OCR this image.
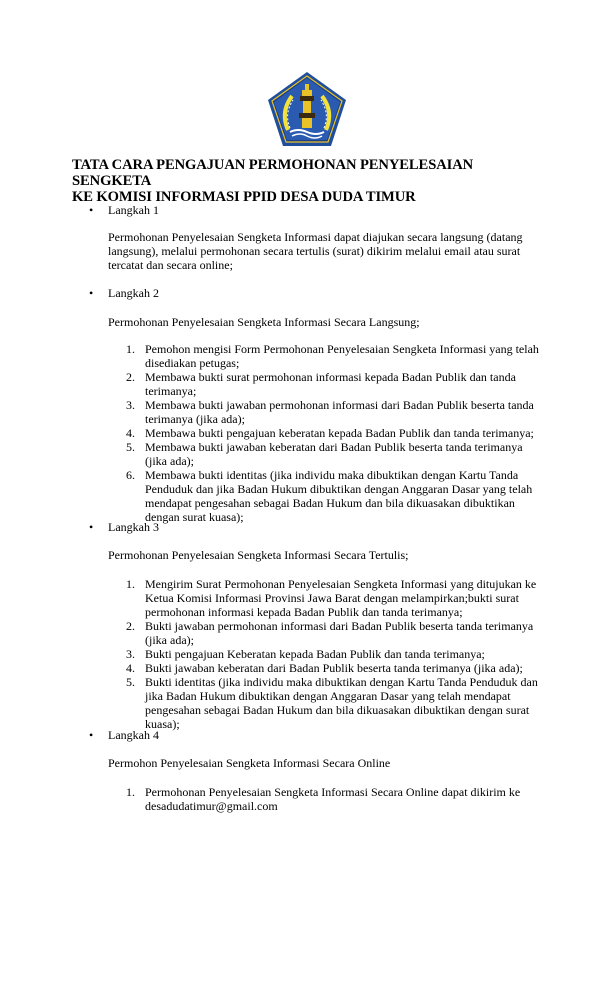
TATA CARA PENGAJUAN PERMOHONAN PENYELESAIAN SENGKETA
KE KOMISI INFORMASI PPID DESA DUDA TIMUR
• Langkah 1
Permohonan Penyelesaian Sengketa Informasi dapat diajukan secara langsung (datang
langsung), melalui permohonan secara tertulis (surat) dikirim melalui email atau surat
tercatat dan secara online;
• Langkah 2
Permohonan Penyelesaian Sengketa Informasi Secara Langsung;
1. Pemohon mengisi Form Permohonan Penyelesaian Sengketa Informasi yang telah
disediakan petugas;
2. Membawa bukti surat permohonan informasi kepada Badan Publik dan tanda
terimanya;
3. Membawa bukti jawaban permohonan informasi dari Badan Publik beserta tanda
terimanya (jika ada);
4. Membawa bukti pengajuan keberatan kepada Badan Publik dan tanda terimanya;
5. Membawa bukti jawaban keberatan dari Badan Publik beserta tanda terimanya
(jika ada);
6. Membawa bukti identitas (jika individu maka dibuktikan dengan Kartu Tanda
Penduduk dan jika Badan Hukum dibuktikan dengan Anggaran Dasar yang telah
mendapat pengesahan sebagai Badan Hukum dan bila dikuasakan dibuktikan
dengan surat kuasa);
• Langkah 3
Permohonan Penyelesaian Sengketa Informasi Secara Tertulis;
1. Mengirim Surat Permohonan Penyelesaian Sengketa Informasi yang ditujukan ke
Ketua Komisi Informasi Provinsi Jawa Barat dengan melampirkan;bukti surat
permohonan informasi kepada Badan Publik dan tanda terimanya;
2. Bukti jawaban permohonan informasi dari Badan Publik beserta tanda terimanya
(jika ada);
3. Bukti pengajuan Keberatan kepada Badan Publik dan tanda terimanya;
4. Bukti jawaban keberatan dari Badan Publik beserta tanda terimanya (jika ada);
5. Bukti identitas (jika individu maka dibuktikan dengan Kartu Tanda Penduduk dan
jika Badan Hukum dibuktikan dengan Anggaran Dasar yang telah mendapat
pengesahan sebagai Badan Hukum dan bila dikuasakan dibuktikan dengan surat
kuasa);
• Langkah 4
Permohon Penyelesaian Sengketa Informasi Secara Online
1. Permohonan Penyelesaian Sengketa Informasi Secara Online dapat dikirim ke
desadudatimur@gmail.com
